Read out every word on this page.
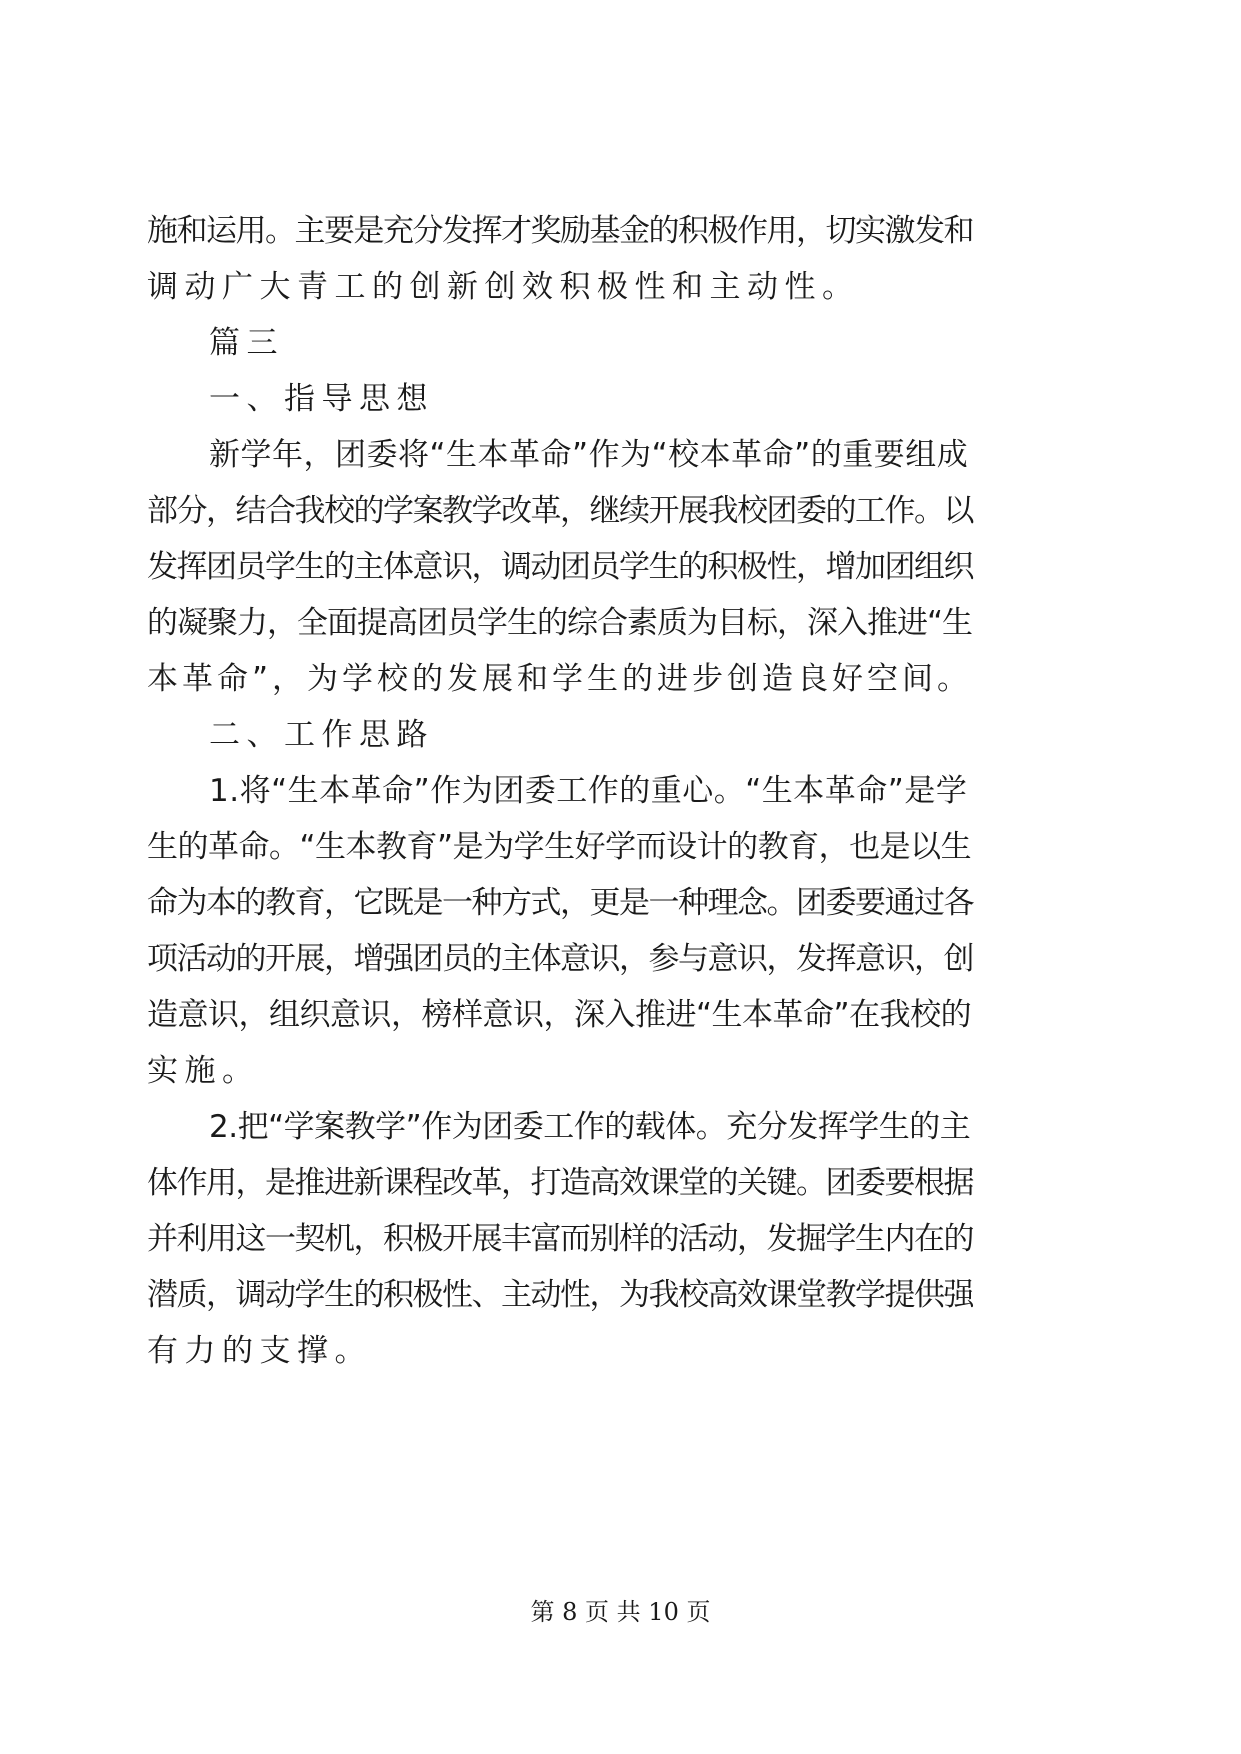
施和运用。主要是充分发挥才奖励基金的积极作用，切实激发和
调动广大青工的创新创效积极性和主动性。
篇三
一、指导思想
新学年，团委将“生本革命”作为“校本革命”的重要组成
部分，结合我校的学案教学改革，继续开展我校团委的工作。以
发挥团员学生的主体意识，调动团员学生的积极性，增加团组织
的凝聚力，全面提高团员学生的综合素质为目标，深入推进“生
本革命”，为学校的发展和学生的进步创造良好空间。
二、工作思路
1.将“生本革命”作为团委工作的重心。“生本革命”是学
生的革命。“生本教育”是为学生好学而设计的教育，也是以生
命为本的教育，它既是一种方式，更是一种理念。团委要通过各
项活动的开展，增强团员的主体意识，参与意识，发挥意识，创
造意识，组织意识，榜样意识，深入推进“生本革命”在我校的
实施。
2.把“学案教学”作为团委工作的载体。充分发挥学生的主
体作用，是推进新课程改革，打造高效课堂的关键。团委要根据
并利用这一契机，积极开展丰富而别样的活动，发掘学生内在的
潜质，调动学生的积极性、主动性，为我校高效课堂教学提供强
有力的支撑。
第 8 页 共 10 页
